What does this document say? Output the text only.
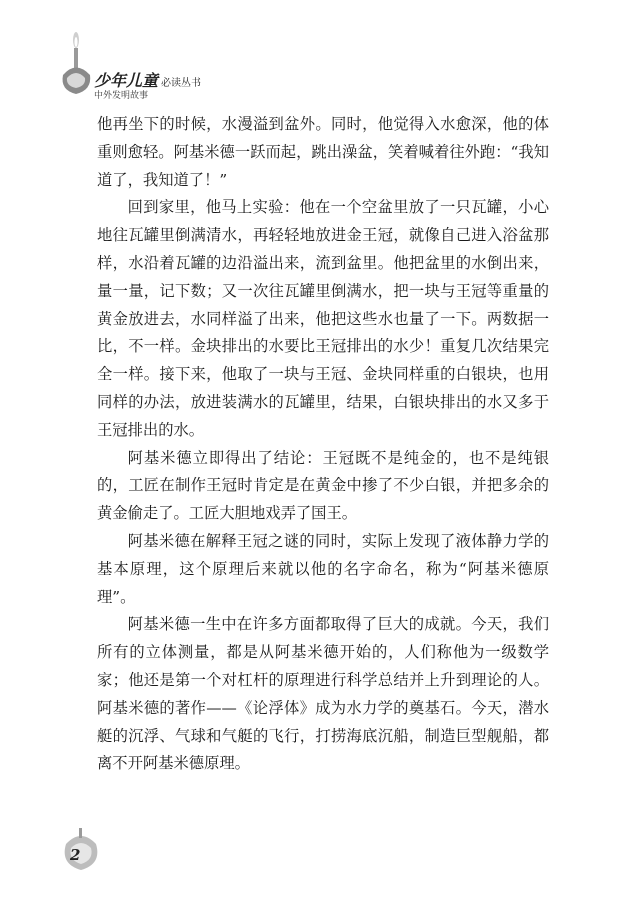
少年儿童 必读丛书
中外发明故事

他再坐下的时候，水漫溢到盆外。同时，他觉得入水愈深，他的体重则愈轻。阿基米德一跃而起，跳出澡盆，笑着喊着往外跑：“我知道了，我知道了！”

回到家里，他马上实验：他在一个空盆里放了一只瓦罐，小心地往瓦罐里倒满清水，再轻轻地放进金王冠，就像自己进入浴盆那样，水沿着瓦罐的边沿溢出来，流到盆里。他把盆里的水倒出来，量一量，记下数；又一次往瓦罐里倒满水，把一块与王冠等重量的黄金放进去，水同样溢了出来，他把这些水也量了一下。两数据一比，不一样。金块排出的水要比王冠排出的水少！重复几次结果完全一样。接下来，他取了一块与王冠、金块同样重的白银块，也用同样的办法，放进装满水的瓦罐里，结果，白银块排出的水又多于王冠排出的水。

阿基米德立即得出了结论：王冠既不是纯金的，也不是纯银的，工匠在制作王冠时肯定是在黄金中掺了不少白银，并把多余的黄金偷走了。工匠大胆地戏弄了国王。

阿基米德在解释王冠之谜的同时，实际上发现了液体静力学的基本原理，这个原理后来就以他的名字命名，称为“阿基米德原理”。

阿基米德一生中在许多方面都取得了巨大的成就。今天，我们所有的立体测量，都是从阿基米德开始的，人们称他为一级数学家；他还是第一个对杠杆的原理进行科学总结并上升到理论的人。阿基米德的著作——《论浮体》成为水力学的奠基石。今天，潜水艇的沉浮、气球和气艇的飞行，打捞海底沉船，制造巨型舰船，都离不开阿基米德原理。

2
